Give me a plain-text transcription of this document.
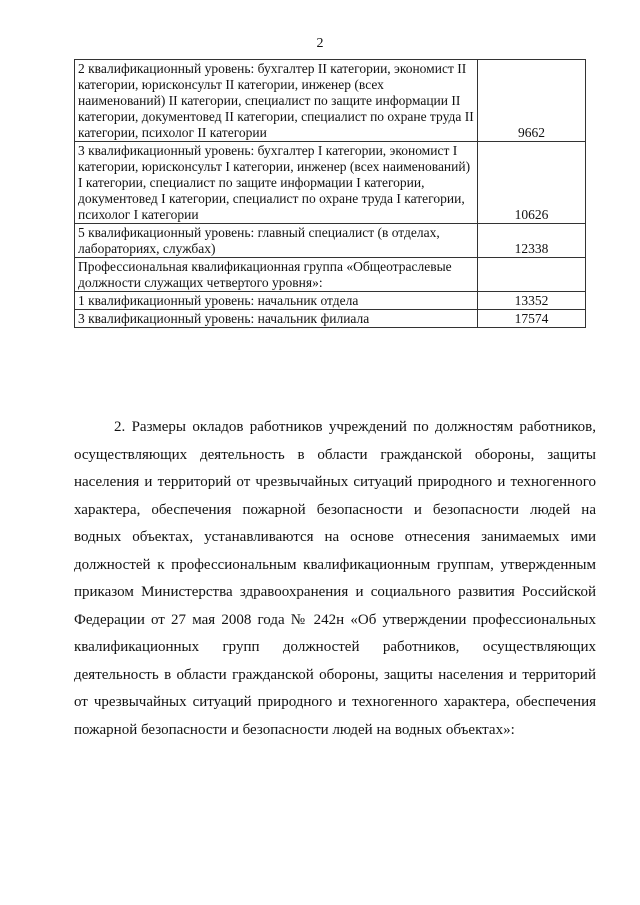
2
2 квалификационный уровень: бухгалтер II категории, экономист II категории, юрисконсульт II категории, инженер (всех наименований) II категории, специалист по защите информации II категории, документовед II категории, специалист по охране труда II категории, психолог II категории	9662
3 квалификационный уровень: бухгалтер I категории, экономист I категории, юрисконсульт I категории, инженер (всех наименований) I категории, специалист по защите информации I категории, документовед I категории, специалист по охране труда I категории, психолог I категории	10626
5 квалификационный уровень: главный специалист (в отделах, лабораториях, службах)	12338
Профессиональная квалификационная группа «Общеотраслевые должности служащих четвертого уровня»:	
1 квалификационный уровень: начальник отдела	13352
3 квалификационный уровень: начальник филиала	17574

2. Размеры окладов работников учреждений по должностям работников, осуществляющих деятельность в области гражданской обороны, защиты населения и территорий от чрезвычайных ситуаций природного и техногенного характера, обеспечения пожарной безопасности и безопасности людей на водных объектах, устанавливаются на основе отнесения занимаемых ими должностей к профессиональным квалификационным группам, утвержденным приказом Министерства здравоохранения и социального развития Российской Федерации от 27 мая 2008 года № 242н «Об утверждении профессиональных квалификационных групп должностей работников, осуществляющих деятельность в области гражданской обороны, защиты населения и территорий от чрезвычайных ситуаций природного и техногенного характера, обеспечения пожарной безопасности и безопасности людей на водных объектах»:
